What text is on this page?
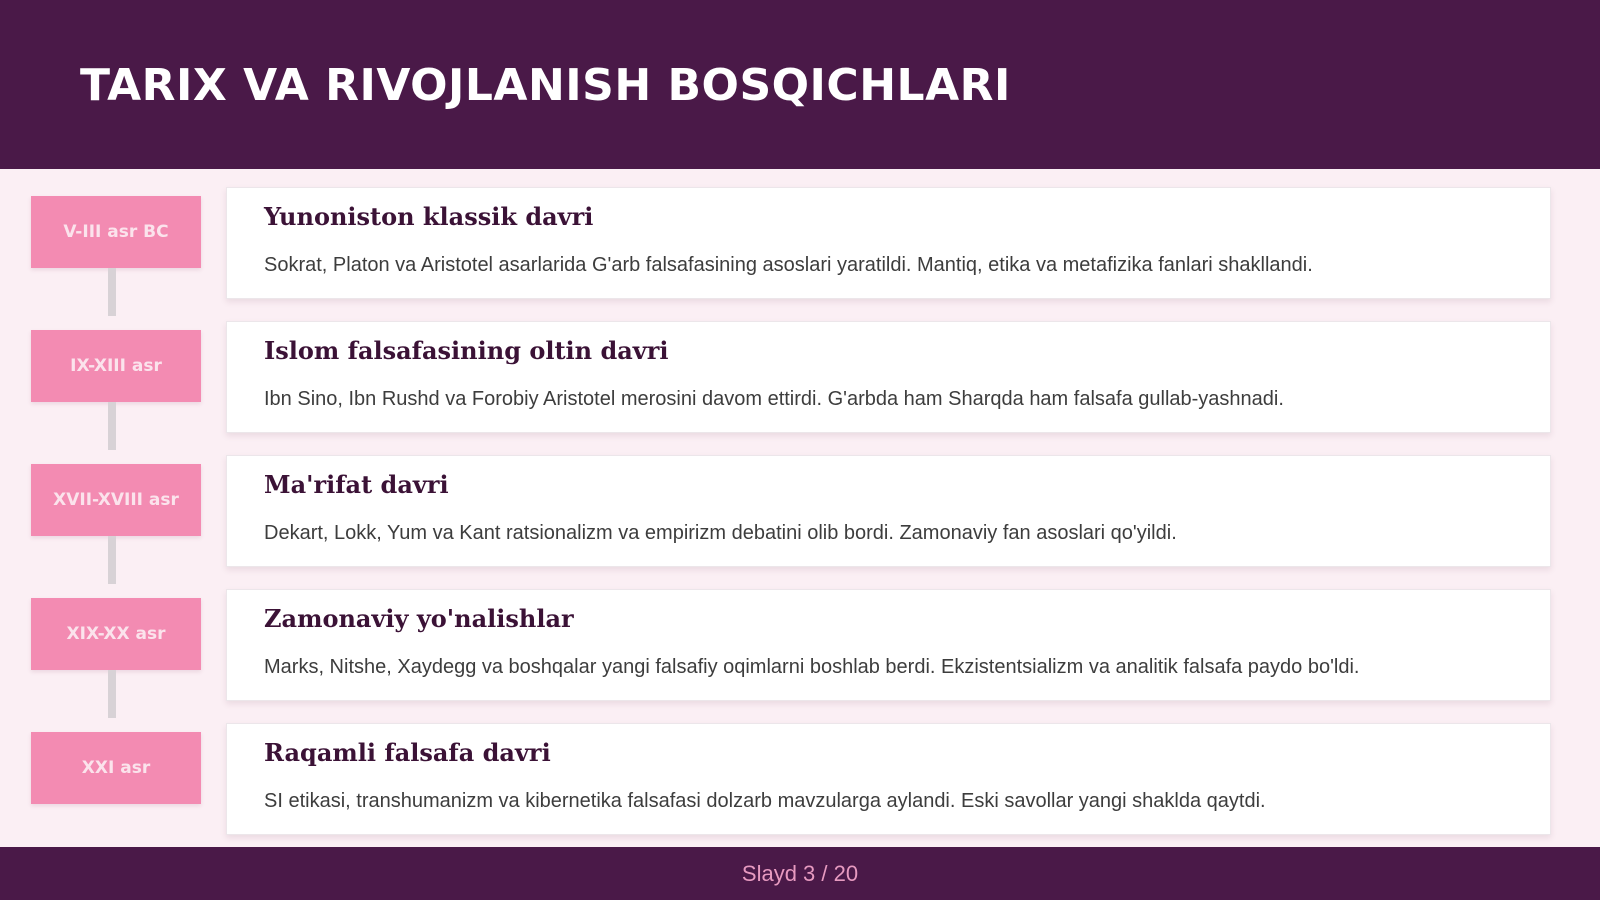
TARIX VA RIVOJLANISH BOSQICHLARI
V-III asr BC
Yunoniston klassik davri
Sokrat, Platon va Aristotel asarlarida G'arb falsafasining asoslari yaratildi. Mantiq, etika va metafizika fanlari shakllandi.
IX-XIII asr
Islom falsafasining oltin davri
Ibn Sino, Ibn Rushd va Forobiy Aristotel merosini davom ettirdi. G'arbda ham Sharqda ham falsafa gullab-yashnadi.
XVII-XVIII asr
Ma'rifat davri
Dekart, Lokk, Yum va Kant ratsionalizm va empirizm debatini olib bordi. Zamonaviy fan asoslari qo'yildi.
XIX-XX asr
Zamonaviy yo'nalishlar
Marks, Nitshe, Xaydegg va boshqalar yangi falsafiy oqimlarni boshlab berdi. Ekzistentsializm va analitik falsafa paydo bo'ldi.
XXI asr
Raqamli falsafa davri
SI etikasi, transhumanizm va kibernetika falsafasi dolzarb mavzularga aylandi. Eski savollar yangi shaklda qaytdi.
Slayd 3 / 20
